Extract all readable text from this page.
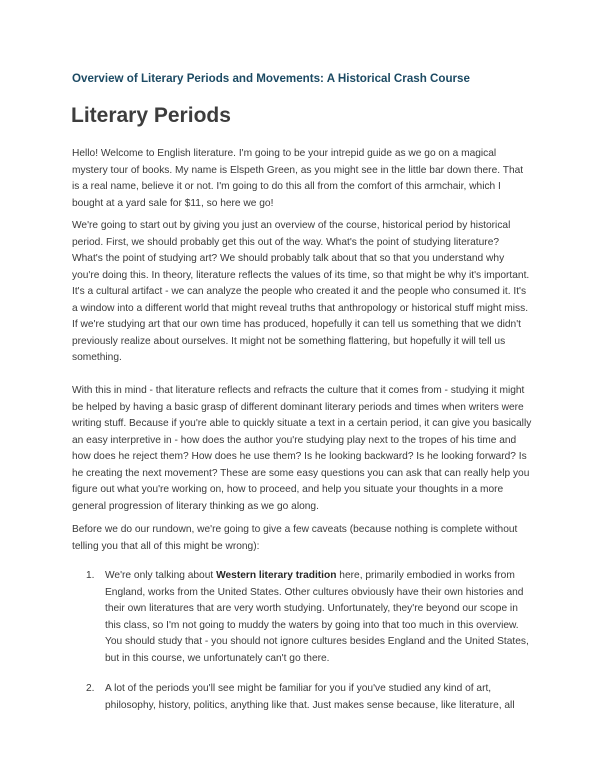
Overview of Literary Periods and Movements: A Historical Crash Course
Literary Periods

Hello! Welcome to English literature. I'm going to be your intrepid guide as we go on a magical mystery tour of books. My name is Elspeth Green, as you might see in the little bar down there. That is a real name, believe it or not. I'm going to do this all from the comfort of this armchair, which I bought at a yard sale for $11, so here we go!

We're going to start out by giving you just an overview of the course, historical period by historical period. First, we should probably get this out of the way. What's the point of studying literature? What's the point of studying art? We should probably talk about that so that you understand why you're doing this. In theory, literature reflects the values of its time, so that might be why it's important. It's a cultural artifact - we can analyze the people who created it and the people who consumed it. It's a window into a different world that might reveal truths that anthropology or historical stuff might miss. If we're studying art that our own time has produced, hopefully it can tell us something that we didn't previously realize about ourselves. It might not be something flattering, but hopefully it will tell us something.

With this in mind - that literature reflects and refracts the culture that it comes from - studying it might be helped by having a basic grasp of different dominant literary periods and times when writers were writing stuff. Because if you're able to quickly situate a text in a certain period, it can give you basically an easy interpretive in - how does the author you're studying play next to the tropes of his time and how does he reject them? How does he use them? Is he looking backward? Is he looking forward? Is he creating the next movement? These are some easy questions you can ask that can really help you figure out what you're working on, how to proceed, and help you situate your thoughts in a more general progression of literary thinking as we go along.

Before we do our rundown, we're going to give a few caveats (because nothing is complete without telling you that all of this might be wrong):

1. We're only talking about Western literary tradition here, primarily embodied in works from England, works from the United States. Other cultures obviously have their own histories and their own literatures that are very worth studying. Unfortunately, they're beyond our scope in this class, so I'm not going to muddy the waters by going into that too much in this overview. You should study that - you should not ignore cultures besides England and the United States, but in this course, we unfortunately can't go there.
2. A lot of the periods you'll see might be familiar for you if you've studied any kind of art, philosophy, history, politics, anything like that. Just makes sense because, like literature, all
